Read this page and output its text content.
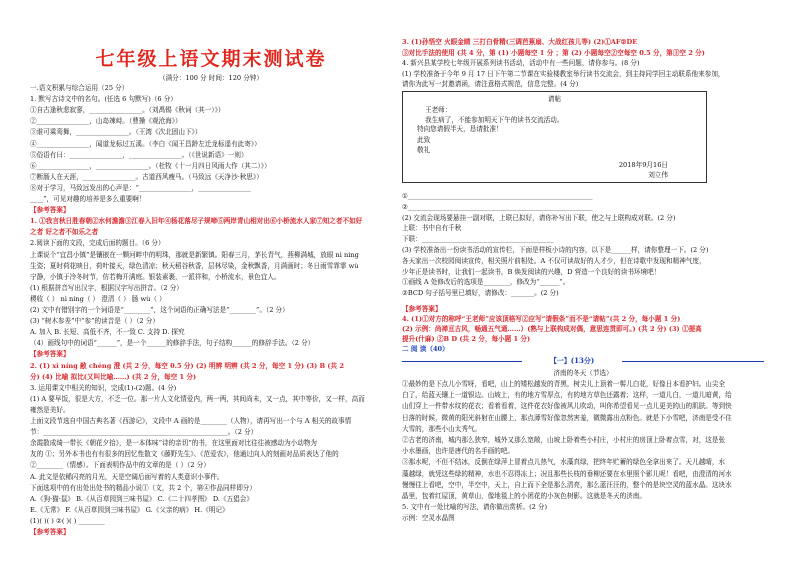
七年级上语文期末测试卷
（满分：100 分 时间：120 分钟）
一.语文积累与综合运用（25 分）
1. 默写古诗文中的名句。(任选 6 句默写)（6 分）
①自古逢秋悲寂寥，________________。（刘禹锡《秋词（其一）》）
②________________，山岛竦峙。（曹操《观沧海》）
③谁可乘鸾舞，________________。（王湾《次北固山下》）
④________________，闻道龙标过五溪。（李白《闻王昌龄左迁龙标遥有此寄》）
⑤俗语有曰：________________，________________。（《世说新语》一则）
⑥________________，________________。（杜牧《十一月四日风雨大作（其二）》）
⑦断肠人在天涯，________________。古道西风瘦马。（马致远《天净沙·秋思》）
⑧对于学习，马致远发出的心声是：“________________，________________
____”，可见对趣的培养是多么重要啊！
【参考答案】
1. ①我言秋日胜春朝②水何澹澹③江春入旧年④杨花落尽子规啼⑤两岸青山相对出⑥小桥流水人家⑦知之者不如好
之者 好之者不如乐之者
2.阅读下面的文段，完成后面的题目。（6 分）
上课说个“宜昌小镇”是镶嵌在一颗河畔中的明珠，那就是新繁镇。阳春三月，茅长青气，燕柳满城，放眼 nì ning
生姿；夏时荷花映日，荷叶接天，绿色清凉；秋天稻谷秋香，层林尽染，金秋飘香，月满画时；冬日雨雪霏霏 wù
宁静，小镇于冷冬时节，仿若梅开满庭。银装素裹，一派祥和，小桥流水，景色宜人。
(1) 根据拼音写出汉字，根据汉字写出拼音。（2 分）
稷收（ ） nì ning（ ） 澄清（ ） 肠 wù（ ）
(2) 文中有错别字的一个词语是“________”，这个词语的正确写法是“________”。（2 分）
(3) “树木参差”中“参”的读音是（ ）（2 分）
A. 加入 B. 长短、高低不齐，不一致 C. 支持 D. 探究
（4）画线句中的词语“______”，是一个______的修辞手法，句子结构______的修辞手法。（2 分）
【参考答案】
2. (1) xì níng 敝 chéng 澄 (共 2 分，每空 0.5 分) (2) 明辨 明辨 (共 2 分，每空 1 分) (3) B (共 2
分) (4) 比喻 拟比(又叫比喻……) (共 2 分，每空 1 分)
3. 运用课文中相关的知识，完成(1)-(2)题。(4 分)
(1) A 要早饭，很是大方，不乏一位。那一片人文化情爱内，两一两，其间尚未，又一点，其中等价，又一样，高而
雍然是美好。
上面文段节选自中国古典名著《西游记》，文段中 A 画的是________（人物），请再写出一个与 A 相关的故事情
节：________________________________________________________。（2 分）
余霞散成绮一带长《朝花夕拾》，是一本体味“诗的亲切”的书，在这里面对比往往被感动为小动物为
友的 ①；另外本书也有有很多的回忆性散文《藤野先生》、《范爱农》，他通过向人的刻画对品质表达了他的
②________（情感）。下面表明作品中的文章的是（ ）（2 分）
A. 此文是依稀闪亮的月光，天是空阔后面写着的人类意识小事件。
下面选项中的有出处出处书的精品小说①（文，共 2 个，第④作品同样即分）
A.《狗·猫·鼠》 B.《从百草园到三味书屋》 C.《二十四孝图》 D.《五猖会》
E.《无常》 F.《从百草园到三味书屋》 G.《父亲的病》 H.《明记》
(1)( )( ) ②( )( ) ________
【参考答案】
3. (1)孙悟空 火眼金睛 三打白骨精(三调芭蕉扇、大战红孩儿等) (2)①AF②DE
③对比手法的使用 (共 4 分，第 (1) 小题每空 1 分 ；第 (2) 小题每空②空每空 0.5 分，第③空 2 分)
4. 新兴县某学校七年级开展系列读书活动，活动中有一些问题，请你参与。(8 分)
(1) 学校准备于今年 9 月 17 日下午第二节课在实验楼教室举行读书交流会，到主持同学回主动联系他来参加，
请你为此写一封邀请函，请注意格式规范，信息完整。(4 分)
请帖
王老师：
我生病了，不能参加明天下午的读书交流活动。
特向您请假半天，恳请批准！
此致
敬礼
2018年9月16日
刘立伟
①________________________________________________________
②________________________________________________________
(2) 交流会现场要悬挂一副对联，上联已拟好，请你补写出下联，使之与上联构成对联。(2 分)
上联：书中自有千秋
下联：________________________________________
(3) 学校准备出一份读书活动的宣传栏，下面是样板小诗的内容，以下是______样，请你整理一下。(2 分)
各天家出一次校园阅读宣传，相关照片前相处。A 不仅可读故好的人才少，但在诗歌中发现和精神气度，
少年正是读书时，让我们一起读书，B 焕发阅读的兴趣，D 营造一个良好的读书环境吧！
①画线 A 处修改后的选项是________，修改为“______”。
②BCD 句子括号里已填好，请修改：_______。(2 分)
【参考答案】
4. (1)①对方的称呼“王老师”应该顶格写②应写“请假条”而不是“请帖”(共 2 分，每小题 1 分)
(2) 示例：尚禅亘古风，畅通五气通……）(熟与上联构成对偶，意思连贯即可。) (共 2 分) (3) ①提高
提升(什麻) ②B D (共 2 分，每小题 1 分)
二 阅 读（40）
【一】(13分)
济南的冬天（节选）
①最妙的是下点儿小雪呀，看吧，山上的矮松越发的青黑，树尖儿上顶着一髻儿白花，好像日本看护妇。山尖全
白了，给蓝天镶上一道银边。山坡上，有的地方雪厚点，有的地方草色还露着；这样，一道儿白，一道儿暗黄，给
山们穿上一件带水纹的花衣；看着看着，这件花衣好像被风儿吹动，叫你希望看见一点儿更美的山的肌肤。等到快
日落的时候，微黄的阳光斜射在山腰上，那点薄雪好像忽然害羞，微微露出点粉色。就是下小雪吧，济南是受不住
大雪的，那些小山太秀气。
②古老的济南，城内那么狭窄，城外又那么宽敞，山坡上卧着些小村庄，小村庄的房顶上卧着点雪，对，这是张
小水墨画，也许是唐代的名手画的吧。
③那水呢，不但不结冰，反倒在绿萍上冒着点儿热气，水藻真绿，把终年贮蓄的绿色全拿出来了。天儿越晴，水
藻越绿，就凭这些绿的精神，水也不忍得冻上；况且那些长枝的垂柳还要在水里照个影儿呢！看吧，由澄清的河水
慢慢往上看吧，空中，半空中，天上，自上而下全是那么清亮，那么蓝汪汪的，整个的是块空灵的蓝水晶。这块水
晶里，包着红屋顶，黄草山，像地毯上的小团花的小灰色树影。这就是冬天的济南。
5. 文中有一处比喻的写法，请你做出赏析。(2 分)
示例：空灵水晶图
